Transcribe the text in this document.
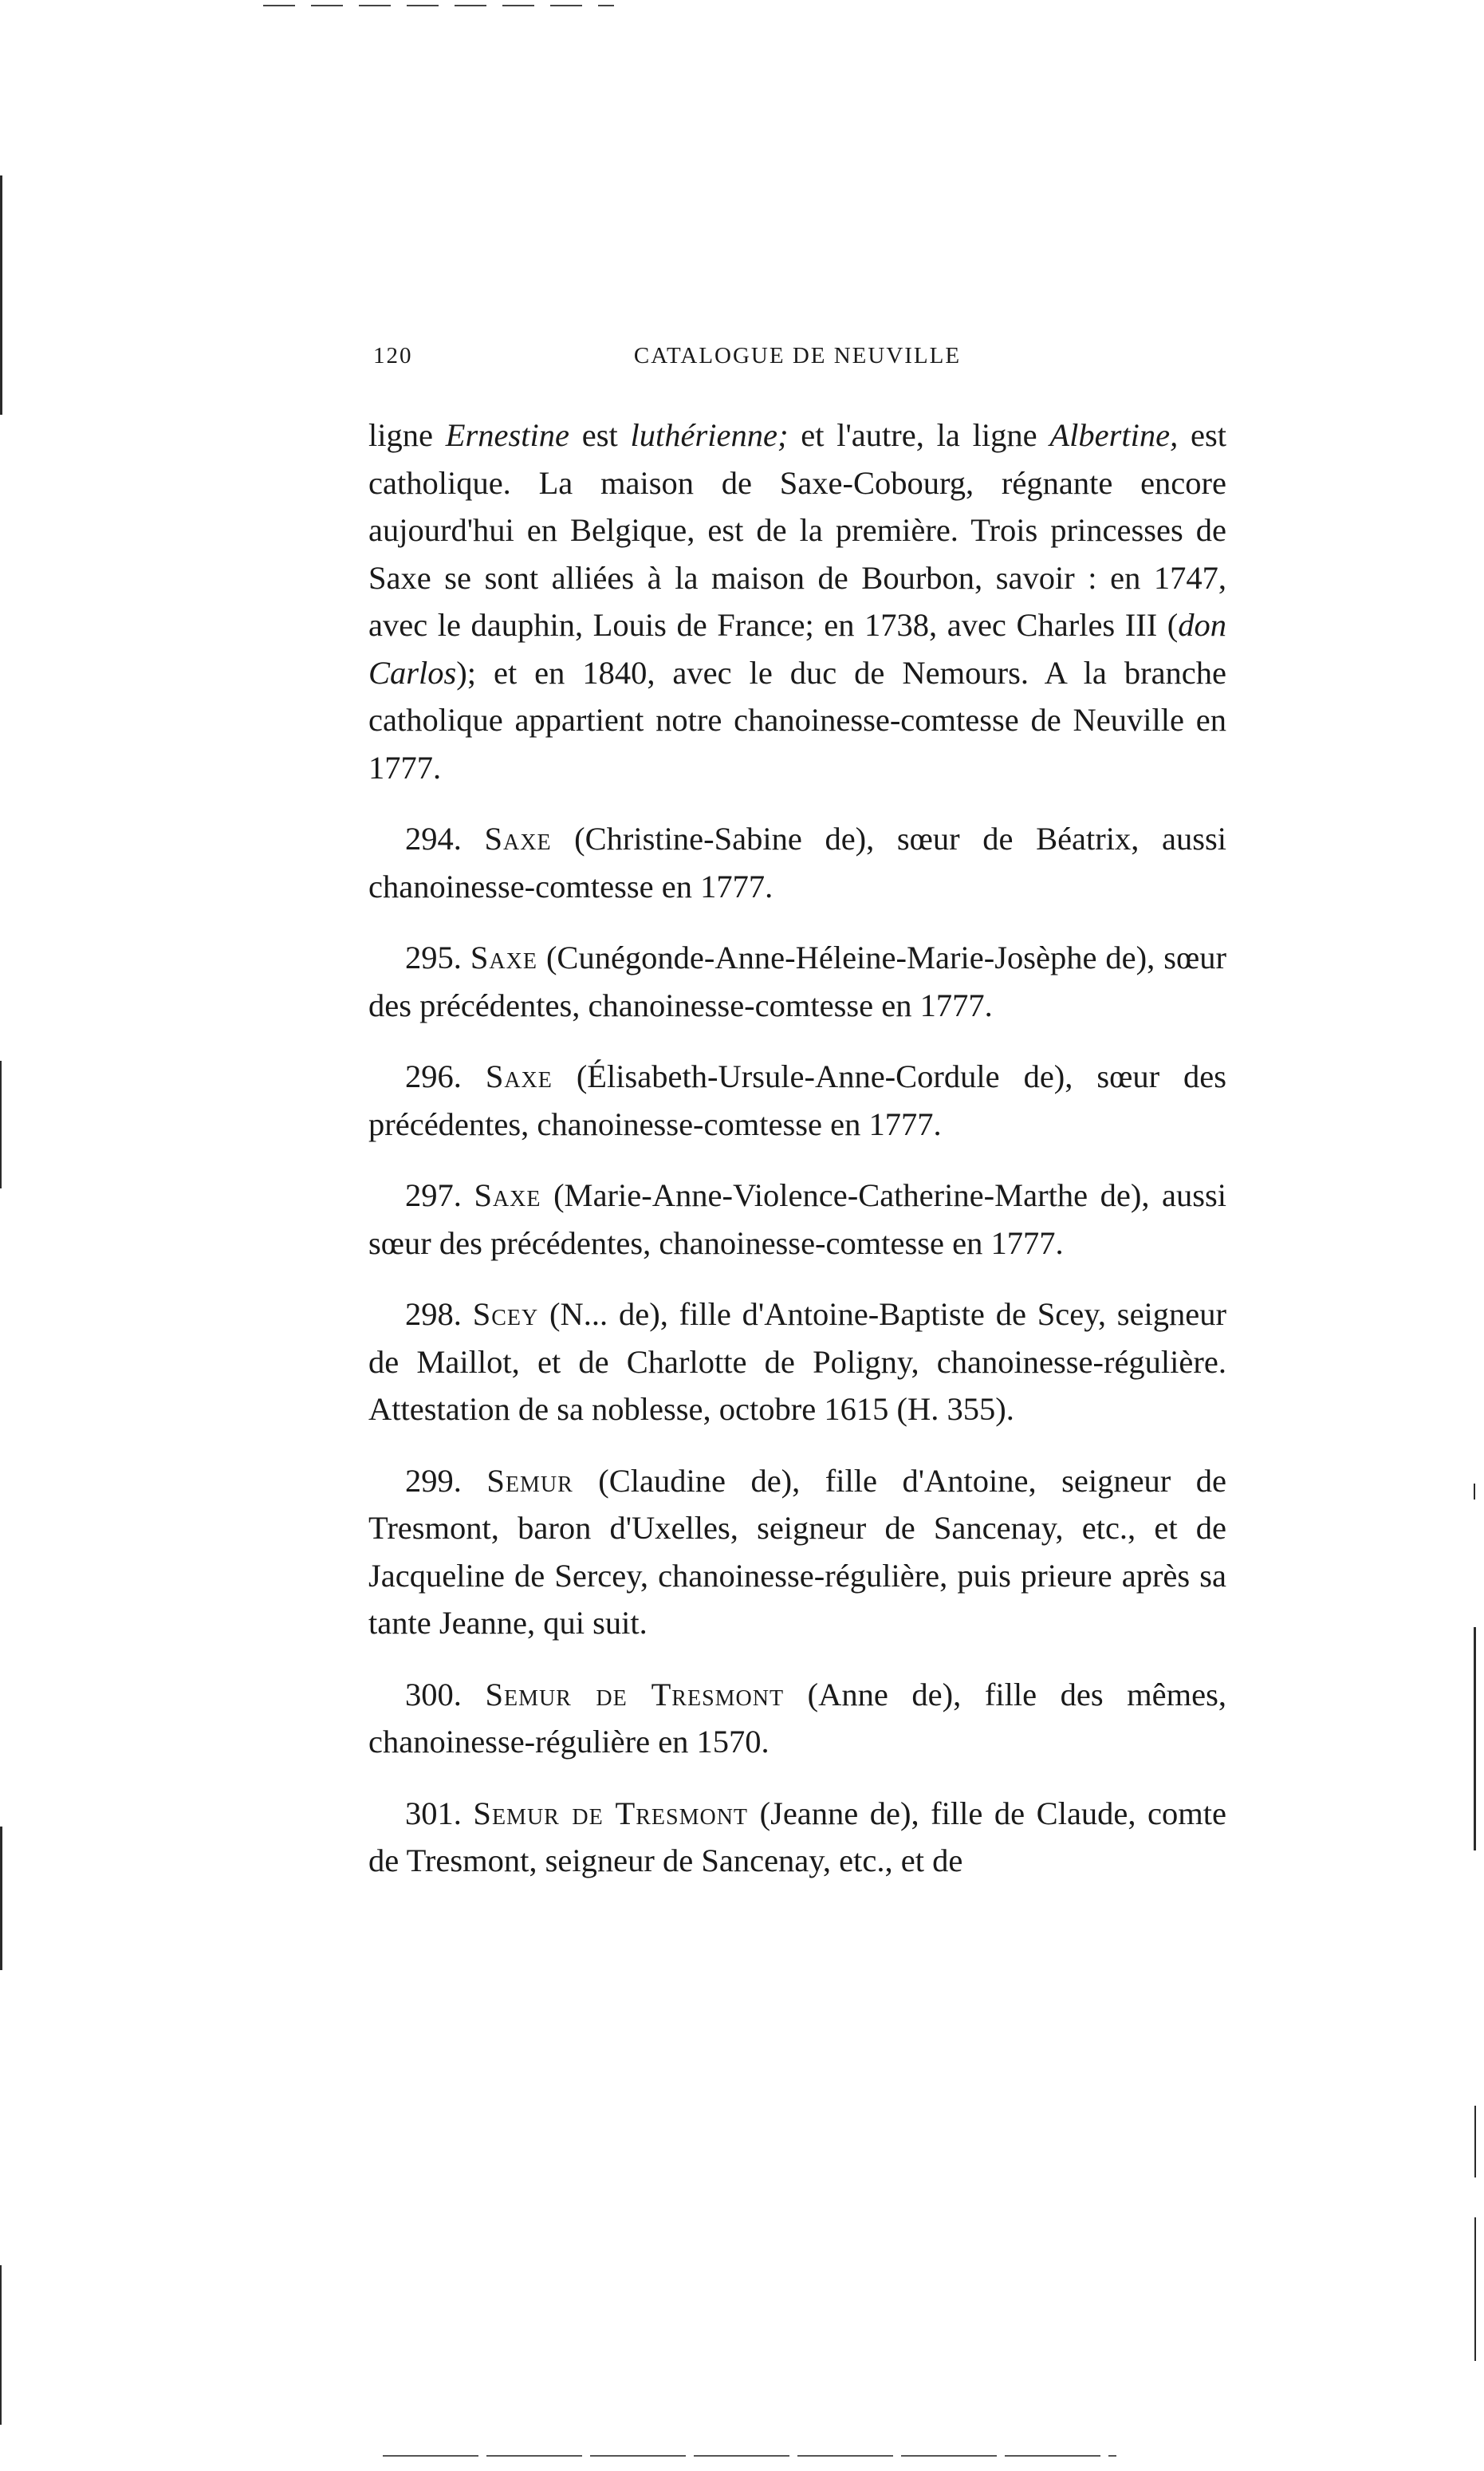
120	CATALOGUE DE NEUVILLE

ligne Ernestine est luthérienne; et l'autre, la ligne Albertine, est catholique. La maison de Saxe-Cobourg, régnante encore aujourd'hui en Belgique, est de la première. Trois princesses de Saxe se sont alliées à la maison de Bourbon, savoir : en 1747, avec le dauphin, Louis de France; en 1738, avec Charles III (don Carlos); et en 1840, avec le duc de Nemours. A la branche catholique appartient notre chanoinesse-comtesse de Neuville en 1777.

294. Saxe (Christine-Sabine de), sœur de Béatrix, aussi chanoinesse-comtesse en 1777.

295. Saxe (Cunégonde-Anne-Héleine-Marie-Josèphe de), sœur des précédentes, chanoinesse-comtesse en 1777.

296. Saxe (Élisabeth-Ursule-Anne-Cordule de), sœur des précédentes, chanoinesse-comtesse en 1777.

297. Saxe (Marie-Anne-Violence-Catherine-Marthe de), aussi sœur des précédentes, chanoinesse-comtesse en 1777.

298. Scey (N... de), fille d'Antoine-Baptiste de Scey, seigneur de Maillot, et de Charlotte de Poligny, chanoinesse-régulière. Attestation de sa noblesse, octobre 1615 (H. 355).

299. Semur (Claudine de), fille d'Antoine, seigneur de Tresmont, baron d'Uxelles, seigneur de Sancenay, etc., et de Jacqueline de Sercey, chanoinesse-régulière, puis prieure après sa tante Jeanne, qui suit.

300. Semur de Tresmont (Anne de), fille des mêmes, chanoinesse-régulière en 1570.

301. Semur de Tresmont (Jeanne de), fille de Claude, comte de Tresmont, seigneur de Sancenay, etc., et de
